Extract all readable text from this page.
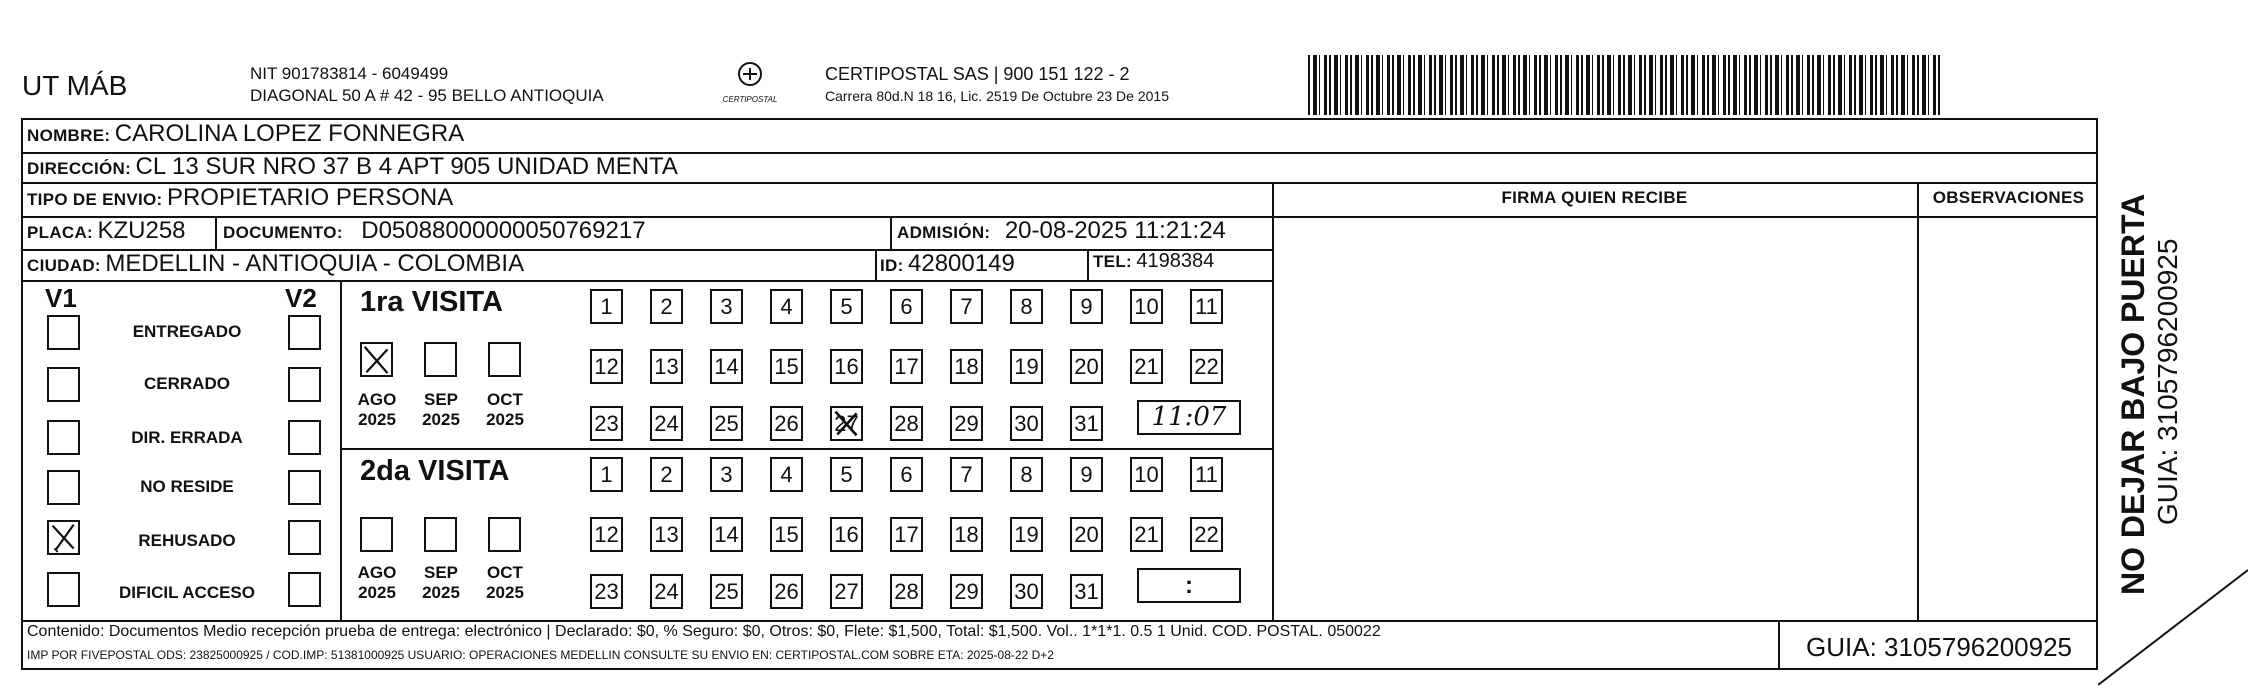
UT MÁB	NIT 901783814 - 6049499
DIAGONAL 50 A # 42 - 95 BELLO ANTIOQUIA	CERTIPOSTAL
CERTIPOSTAL SAS | 900 151 122 - 2
Carrera 80d.N 18 16, Lic. 2519 De Octubre 23 De 2015
NOMBRE: CAROLINA LOPEZ FONNEGRA
DIRECCIÓN: CL 13 SUR NRO 37 B 4 APT 905 UNIDAD MENTA
TIPO DE ENVIO: PROPIETARIO PERSONA
PLACA: KZU258 DOCUMENTO: D05088000000050769217	ADMISIÓN: 20-08-2025 11:21:24
CIUDAD: MEDELLIN - ANTIOQUIA - COLOMBIA	ID: 42800149	TEL: 4198384
FIRMA QUIEN RECIBE	OBSERVACIONES
V1	V2
ENTREGADO
CERRADO
DIR. ERRADA
NO RESIDE
REHUSADO
DIFICIL ACCESO
1ra VISITA
AGO
2025
SEP
2025
OCT
2025
1	2	3	4	5	6	7	8	9	10 11
12 13 14 15 16 17 18 19 20 21 22
23 24 25 26 27 28 29 30 31	11:07
2da VISITA
AGO
2025
SEP
2025
OCT
2025
1	2	3	4	5	6	7	8	9	10 11
12 13 14 15 16 17 18 19 20 21 22
23 24 25 26 27 28 29 30 31	:
Contenido: Documentos Medio recepción prueba de entrega: electrónico | Declarado: $0, % Seguro: $0, Otros: $0, Flete: $1,500, Total: $1,500. Vol.. 1*1*1. 0.5 1 Unid. COD. POSTAL. 050022
IMP POR FIVEPOSTAL ODS: 23825000925 / COD.IMP: 51381000925 USUARIO: OPERACIONES MEDELLIN CONSULTE SU ENVIO EN: CERTIPOSTAL.COM SOBRE ETA: 2025-08-22 D+2	GUIA: 3105796200925
NO DEJAR BAJO PUERTA GUIA: 3105796200925
